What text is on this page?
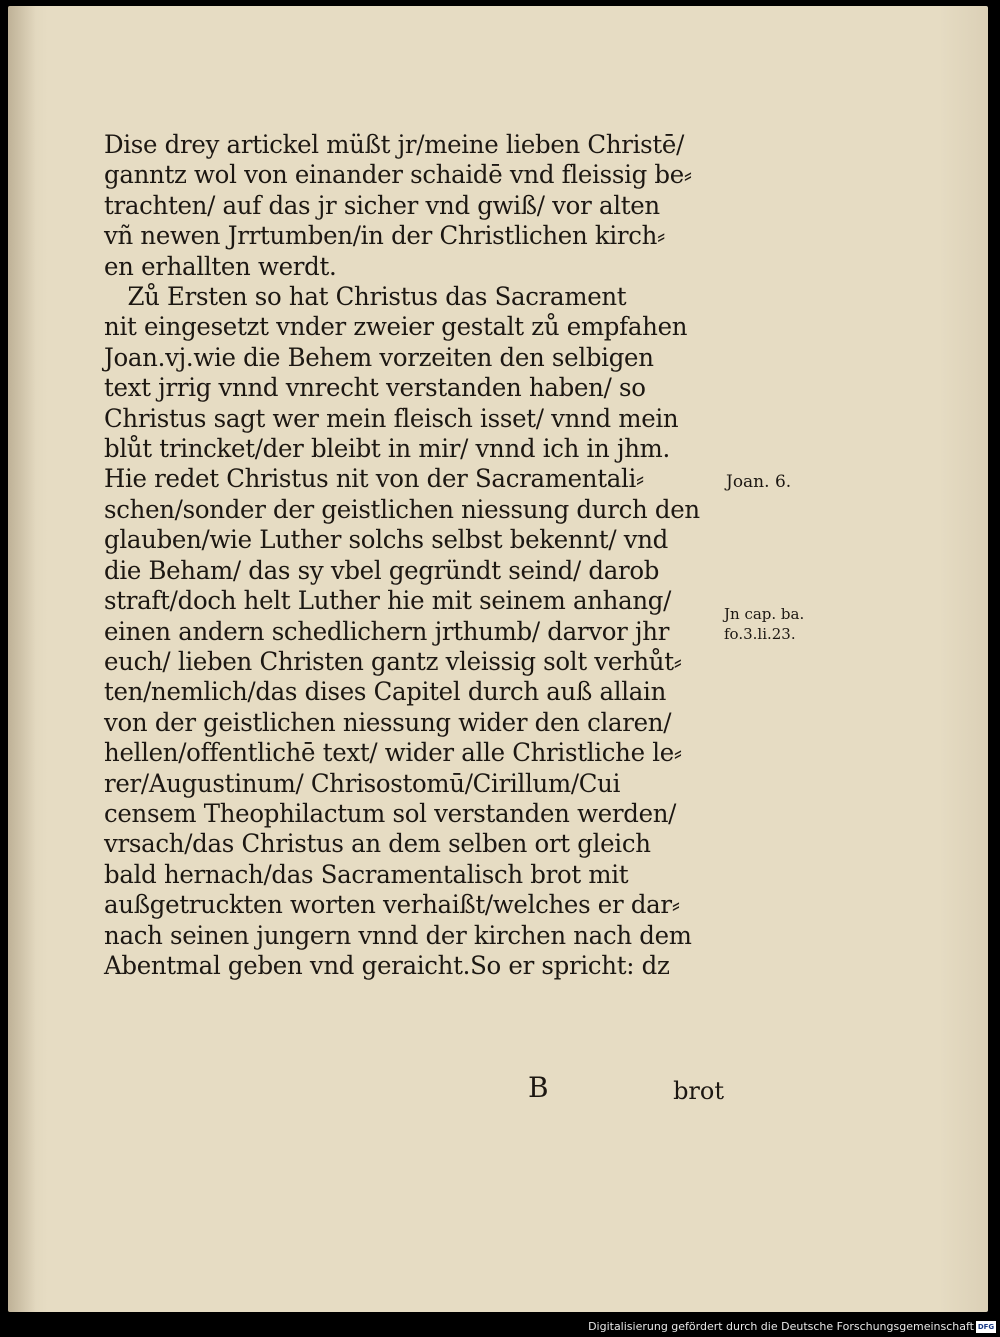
Dise drey artickel müßt jr/meine lieben Christē/
ganntz wol von einander schaidē vnd fleissig be⸗
trachten/ auf das jr sicher vnd gwiß/ vor alten
vñ newen Jrrtumben/in der Christlichen kirch⸗
en erhallten werdt.
Zů Ersten so hat Christus das Sacrament
nit eingesetzt vnder zweier gestalt zů empfahen
Joan.vj.wie die Behem vorzeiten den selbigen
text jrrig vnnd vnrecht verstanden haben/ so
Christus sagt wer mein fleisch isset/ vnnd mein
blůt trincket/der bleibt in mir/ vnnd ich in jhm.
Hie redet Christus nit von der Sacramentali⸗
schen/sonder der geistlichen niessung durch den
glauben/wie Luther solchs selbst bekennt/ vnd
die Beham/ das sy vbel gegründt seind/ darob
straft/doch helt Luther hie mit seinem anhang/
einen andern schedlichern jrthumb/ darvor jhr
euch/ lieben Christen gantz vleissig solt verhůt⸗
ten/nemlich/das dises Capitel durch auß allain
von der geistlichen niessung wider den claren/
hellen/offentlichē text/ wider alle Christliche le⸗
rer/Augustinum/ Chrisostomū/Cirillum/Cui
censem Theophilactum sol verstanden werden/
vrsach/das Christus an dem selben ort gleich
bald hernach/das Sacramentalisch brot mit
außgetruckten worten verhaißt/welches er dar⸗
nach seinen jungern vnnd der kirchen nach dem
Abentmal geben vnd geraicht.So er spricht: dz
B	brot
Joan. 6.
Jn cap. ba.
fo.3.li.23.
Digitalisierung gefördert durch die Deutsche Forschungsgemeinschaft DFG
